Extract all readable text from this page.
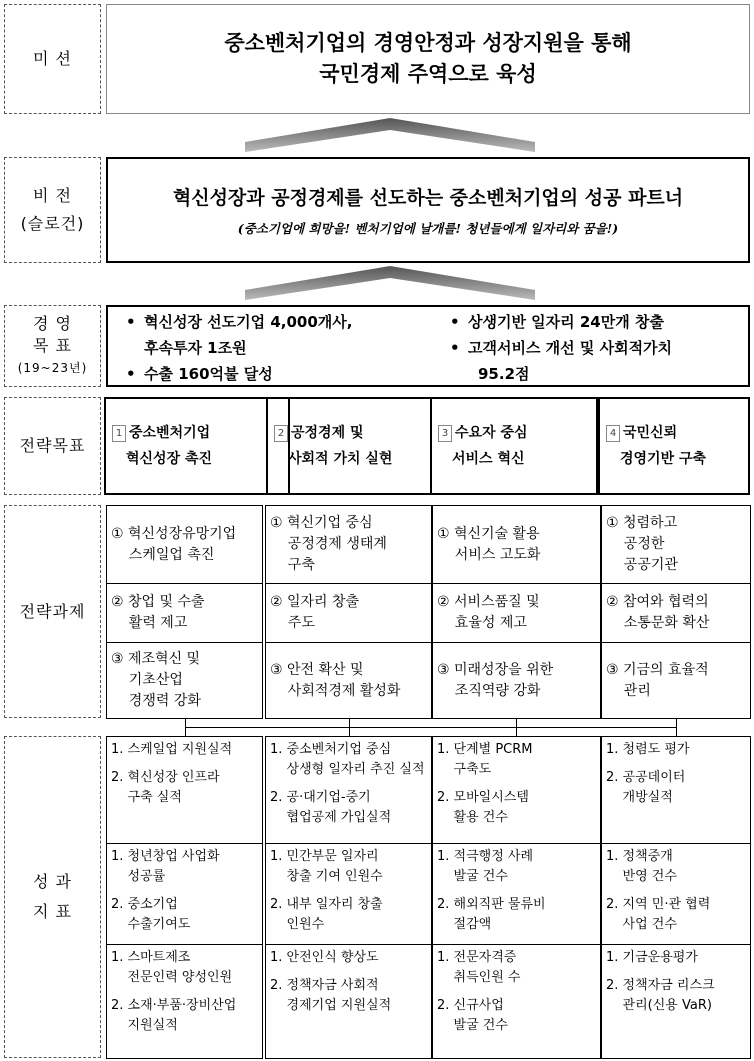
미 션
비 전
(슬로건)
경 영
목 표
(19~23년)
전략목표
전략과제
성 과
지 표
중소벤처기업의 경영안정과 성장지원을 통해
국민경제 주역으로 육성
혁신성장과 공정경제를 선도하는 중소벤처기업의 성공 파트너
(중소기업에 희망을! 벤처기업에 날개를! 청년들에게 일자리와 꿈을!)
• 혁신성장 선도기업 4,000개사,
후속투자 1조원
• 수출 160억불 달성
• 상생기반 일자리 24만개 창출
• 고객서비스 개선 및 사회적가치
95.2점
1 중소벤처기업
혁신성장 촉진
2 공정경제 및
사회적 가치 실현
3 수요자 중심
서비스 혁신
4 국민신뢰
경영기반 구축
① 혁신성장유망기업
스케일업 촉진
② 창업 및 수출
활력 제고
③ 제조혁신 및
기초산업
경쟁력 강화
① 혁신기업 중심
공정경제 생태계
구축
② 일자리 창출
주도
③ 안전 확산 및
사회적경제 활성화
① 혁신기술 활용
서비스 고도화
② 서비스품질 및
효율성 제고
③ 미래성장을 위한
조직역량 강화
① 청렴하고
공정한
공공기관
② 참여와 협력의
소통문화 확산
③ 기금의 효율적
관리
1. 스케일업 지원실적
2. 혁신성장 인프라
구축 실적
1. 청년창업 사업화
성공률
2. 중소기업
수출기여도
1. 스마트제조
전문인력 양성인원
2. 소재·부품·장비산업
지원실적
1. 중소벤처기업 중심
상생형 일자리 추진 실적
2. 공·대기업-중기
협업공제 가입실적
1. 민간부문 일자리
창출 기여 인원수
2. 내부 일자리 창출
인원수
1. 안전인식 향상도
2. 정책자금 사회적
경제기업 지원실적
1. 단계별 PCRM
구축도
2. 모바일시스템
활용 건수
1. 적극행정 사례
발굴 건수
2. 해외직판 물류비
절감액
1. 전문자격증
취득인원 수
2. 신규사업
발굴 건수
1. 청렴도 평가
2. 공공데이터
개방실적
1. 정책중개
반영 건수
2. 지역 민·관 협력
사업 건수
1. 기금운용평가
2. 정책자금 리스크
관리(신용 VaR)
